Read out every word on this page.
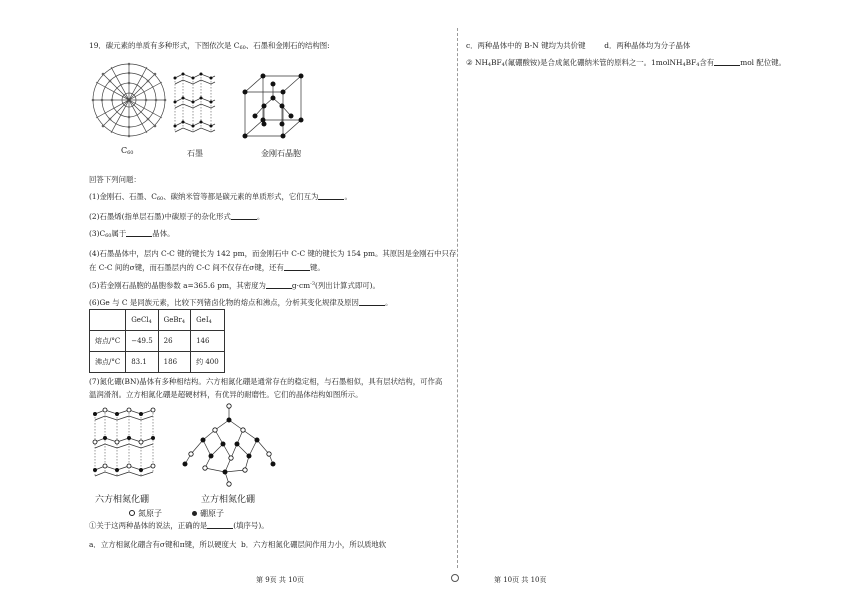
19．碳元素的单质有多种形式，下图依次是 $C_{60}$、石墨和金刚石的结构图:

$C_{60}$	石墨	金刚石晶胞

回答下列问题：

(1)金刚石、石墨、$C_{60}$、碳纳米管等都是碳元素的单质形式，它们互为	。

(2)石墨烯(指单层石墨)中碳原子的杂化形式	。

$(3)C_{60}$属于	晶体。

(4)石墨晶体中，层内 C-C 键的键长为 142 pm，而金刚石中 C-C 键的键长为 154 pm。其原因是金刚石中只存

在 C-C 间的σ键，而石墨层内的 C-C 间不仅存在σ键，还有	键。

(5)若金刚石晶胞的晶胞参数 a=365.6 pm，其密度为	$g\cdot cm^{-3}$(列出计算式即可)。

(6)Ge 与 C 是同族元素，比较下列锗卤化物的熔点和沸点，分析其变化规律及原因	。

	GeCl$_4$	GeBr$_4$	GeI$_4$
熔点/°C	−49.5	26	146
沸点/°C	83.1	186	约 400

(7)氮化硼(BN)晶体有多种相结构。六方相氮化硼是通常存在的稳定相，与石墨相似，具有层状结构，可作高

温润滑剂。立方相氮化硼是超硬材料，有优异的耐磨性。它们的晶体结构如图所示。

六方相氮化硼	立方相氮化硼
氮原子	硼原子

①关于这两种晶体的说法，正确的是	(填序号)。

a．立方相氮化硼含有σ键和π键，所以硬度大 b．六方相氮化硼层间作用力小，所以质地软

c．两种晶体中的 B-N 键均为共价键	d．两种晶体均为分子晶体

② $NH_4BF_4$(氟硼酸铵)是合成氮化硼纳米管的原料之一。$1molNH_4BF_4$含有	mol 配位键。

第 9页 共 10页	第 10页 共 10页
